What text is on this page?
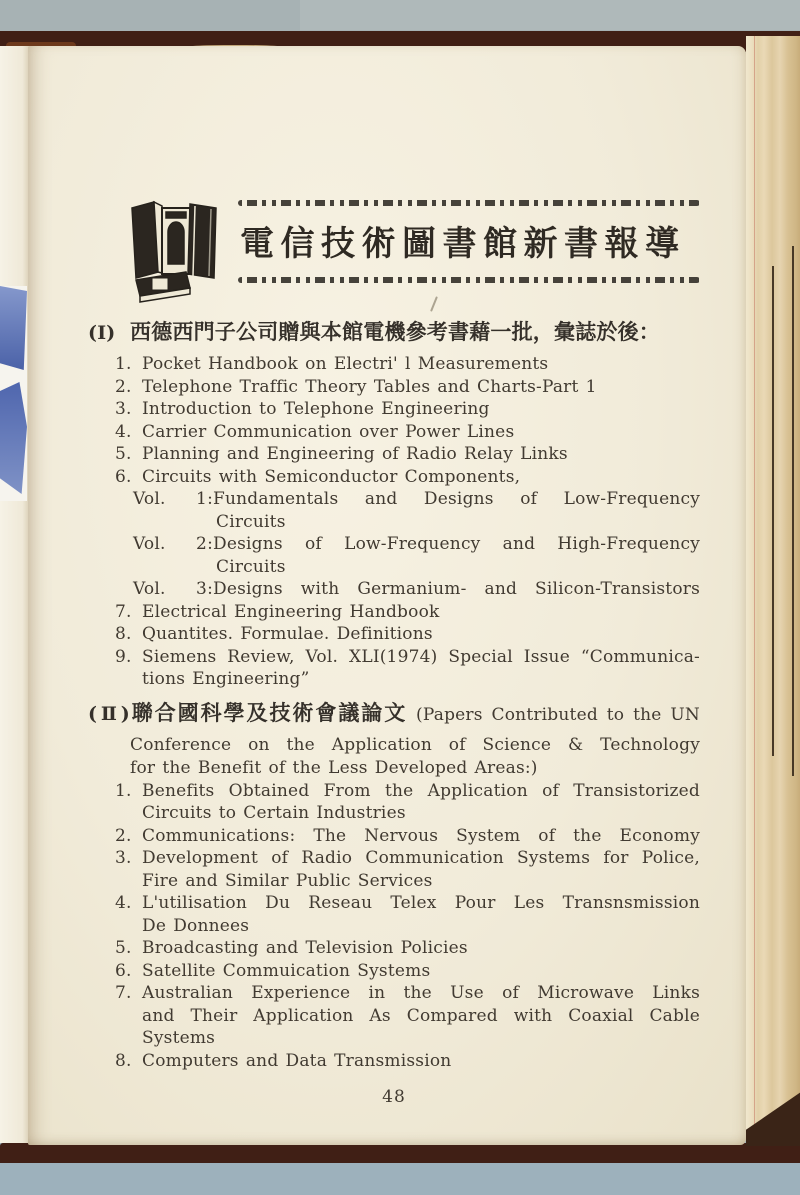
電信技術圖書館新書報導
(Ⅰ) 西德西門子公司贈與本館電機參考書藉一批，彙誌於後：
1. Pocket Handbook on Electri' l Measurements
2. Telephone Traffic Theory Tables and Charts-Part 1
3. Introduction to Telephone Engineering
4. Carrier Communication over Power Lines
5. Planning and Engineering of Radio Relay Links
6. Circuits with Semiconductor Components,
Vol. 1:Fundamentals and Designs of Low-Frequency
Circuits
Vol. 2:Designs of Low-Frequency and High-Frequency
Circuits
Vol. 3:Designs with Germanium- and Silicon-Transistors
7. Electrical Engineering Handbook
8. Quantites. Formulae. Definitions
9. Siemens Review, Vol. XLI(1974) Special Issue “Communica-
tions Engineering”
(Ⅱ)聯合國科學及技術會議論文 (Papers Contributed to the UN
Conference on the Application of Science & Technology
for the Benefit of the Less Developed Areas:)
1. Benefits Obtained From the Application of Transistorized
Circuits to Certain Industries
2. Communications: The Nervous System of the Economy
3. Development of Radio Communication Systems for Police,
Fire and Similar Public Services
4. L'utilisation Du Reseau Telex Pour Les Transnsmission
De Donnees
5. Broadcasting and Television Policies
6. Satellite Commuication Systems
7. Australian Experience in the Use of Microwave Links
and Their Application As Compared with Coaxial Cable
Systems
8. Computers and Data Transmission
48
